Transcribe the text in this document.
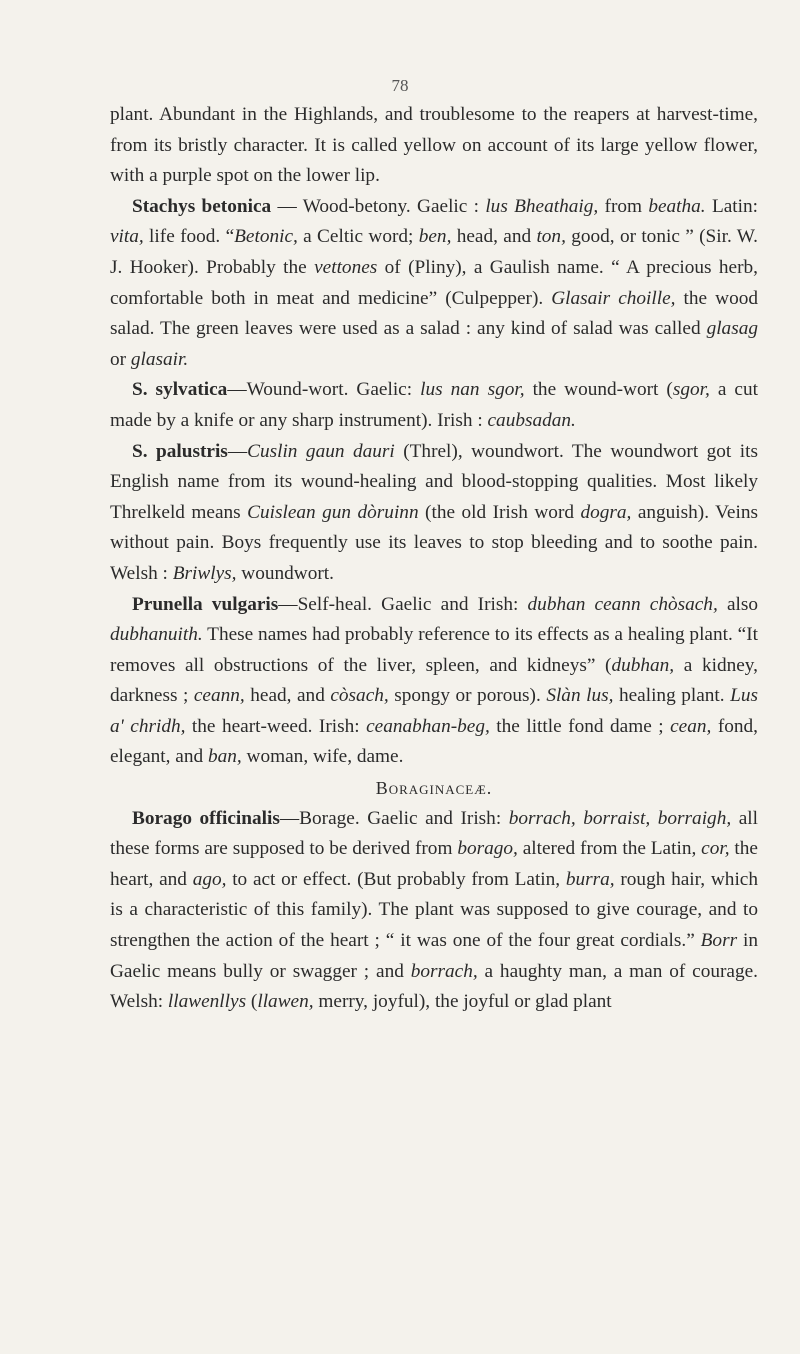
78

plant. Abundant in the Highlands, and troublesome to the reapers at harvest-time, from its bristly character. It is called yellow on account of its large yellow flower, with a purple spot on the lower lip.

Stachys betonica — Wood-betony. Gaelic : lus Bheathaig, from beatha. Latin: vita, life food. “Betonic, a Celtic word; ben, head, and ton, good, or tonic ” (Sir. W. J. Hooker). Probably the vettones of (Pliny), a Gaulish name. “ A precious herb, comfortable both in meat and medicine” (Culpepper). Glasair choille, the wood salad. The green leaves were used as a salad : any kind of salad was called glasag or glasair.

S. sylvatica—Wound-wort. Gaelic: lus nan sgor, the wound-wort (sgor, a cut made by a knife or any sharp instrument). Irish : caubsadan.

S. palustris—Cuslin gaun dauri (Threl), woundwort. The woundwort got its English name from its wound-healing and blood-stopping qualities. Most likely Threlkeld means Cuislean gun dòruinn (the old Irish word dogra, anguish). Veins without pain. Boys frequently use its leaves to stop bleeding and to soothe pain. Welsh : Briwlys, woundwort.

Prunella vulgaris—Self-heal. Gaelic and Irish: dubhan ceann chòsach, also dubhanuith. These names had probably reference to its effects as a healing plant. “It removes all obstructions of the liver, spleen, and kidneys” (dubhan, a kidney, darkness ; ceann, head, and còsach, spongy or porous). Slàn lus, healing plant. Lus a' chridh, the heart-weed. Irish: ceanabhan-beg, the little fond dame ; cean, fond, elegant, and ban, woman, wife, dame.

Boraginaceæ.

Borago officinalis—Borage. Gaelic and Irish: borrach, borraist, borraigh, all these forms are supposed to be derived from borago, altered from the Latin, cor, the heart, and ago, to act or effect. (But probably from Latin, burra, rough hair, which is a characteristic of this family). The plant was supposed to give courage, and to strengthen the action of the heart ; “ it was one of the four great cordials.” Borr in Gaelic means bully or swagger ; and borrach, a haughty man, a man of courage. Welsh: llawenllys (llawen, merry, joyful), the joyful or glad plant
